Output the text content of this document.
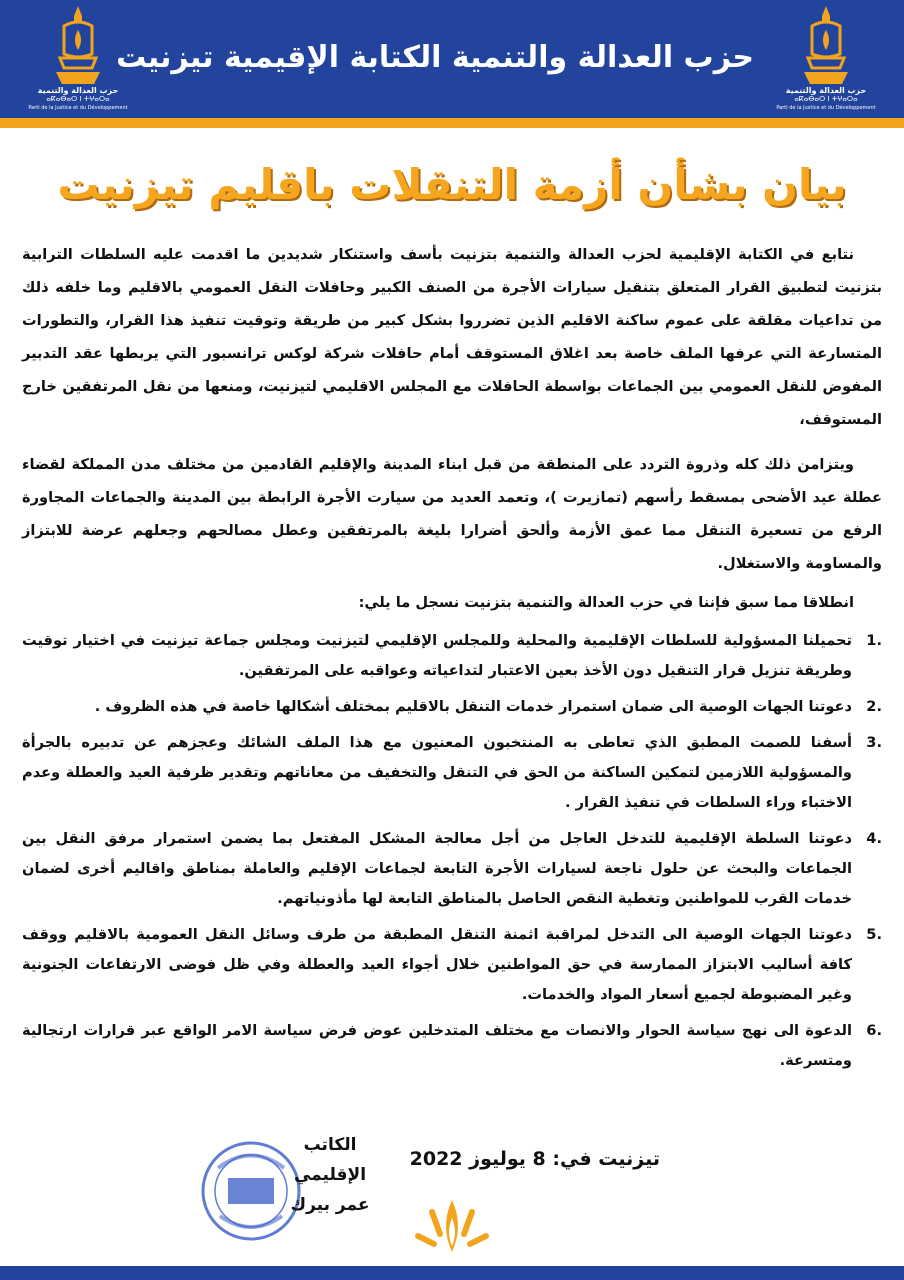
حزب العدالة والتنمية
ⴰⴽⴰⴱⴰⵔ ⵏ ⵜⵖⴰⵔⴰ
Parti de la Justice et du Développement
حزب العدالة والتنمية الكتابة الإقيمية تيزنيت
حزب العدالة والتنمية
ⴰⴽⴰⴱⴰⵔ ⵏ ⵜⵖⴰⵔⴰ
Parti de la Justice et du Développement
بيان بشأن أزمة التنقلات باقليم تيزنيت

نتابع في الكتابة الإقليمية لحزب العدالة والتنمية بتزنيت بأسف واستنكار شديدين ما اقدمت عليه السلطات الترابية بتزنيت لتطبيق القرار المتعلق بتنقيل سيارات الأجرة من الصنف الكبير وحافلات النقل العمومي بالاقليم وما خلفه ذلك من تداعيات مقلقة على عموم ساكنة الاقليم الذين تضرروا بشكل كبير من طريقة وتوقيت تنفيذ هذا القرار، والتطورات المتسارعة التي عرفها الملف خاصة بعد اغلاق المستوقف أمام حافلات شركة لوكس ترانسبور التي يربطها عقد التدبير المفوض للنقل العمومي بين الجماعات بواسطة الحافلات مع المجلس الاقليمي لتيزنيت، ومنعها من نقل المرتفقين خارج المستوقف،

ويتزامن ذلك كله وذروة التردد على المنطقة من قبل ابناء المدينة والإقليم القادمين من مختلف مدن المملكة لقضاء عطلة عيد الأضحى بمسقط رأسهم (تمازيرت )، وتعمد العديد من سيارت الأجرة الرابطة بين المدينة والجماعات المجاورة الرفع من تسعيرة التنقل مما عمق الأزمة وألحق أضرارا بليغة بالمرتفقين وعطل مصالحهم وجعلهم عرضة للابتزاز والمساومة والاستغلال.

انطلاقا مما سبق فإننا في حزب العدالة والتنمية بتزنيت نسجل ما يلي:

1.
تحميلنا المسؤولية للسلطات الإقليمية والمحلية وللمجلس الإقليمي لتيزنيت ومجلس جماعة تيزنيت في اختيار توقيت وطريقة تنزيل قرار التنقيل دون الأخذ بعين الاعتبار لتداعياته وعواقبه على المرتفقين.
2.
دعوتنا الجهات الوصية الى ضمان استمرار خدمات التنقل بالاقليم بمختلف أشكالها خاصة في هذه الظروف .
3.
أسفنا للصمت المطبق الذي تعاطى به المنتخبون المعنيون مع هذا الملف الشائك وعجزهم عن تدبيره بالجرأة والمسؤولية اللازمين لتمكين الساكنة من الحق في التنقل والتخفيف من معاناتهم وتقدير ظرفية العيد والعطلة وعدم الاختباء وراء السلطات في تنفيذ القرار .
4.
دعوتنا السلطة الإقليمية للتدخل العاجل من أجل معالجة المشكل المفتعل بما يضمن استمرار مرفق النقل بين الجماعات والبحث عن حلول ناجعة لسيارات الأجرة التابعة لجماعات الإقليم والعاملة بمناطق واقاليم أخرى لضمان خدمات القرب للمواطنين وتغطية النقص الحاصل بالمناطق التابعة لها مأذونياتهم.
5.
دعوتنا الجهات الوصية الى التدخل لمراقبة اثمنة التنقل المطبقة من طرف وسائل النقل العمومية بالاقليم ووقف كافة أساليب الابتزاز الممارسة في حق المواطنين خلال أجواء العيد والعطلة وفي ظل فوضى الارتفاعات الجنونية وغير المضبوطة لجميع أسعار المواد والخدمات.
6.
الدعوة الى نهج سياسة الحوار والانصات مع مختلف المتدخلين عوض فرض سياسة الامر الواقع عبر قرارات ارتجالية ومتسرعة.
الكاتب الإقليمي
عمر بيرك
تيزنيت في: 8 يوليوز 2022
